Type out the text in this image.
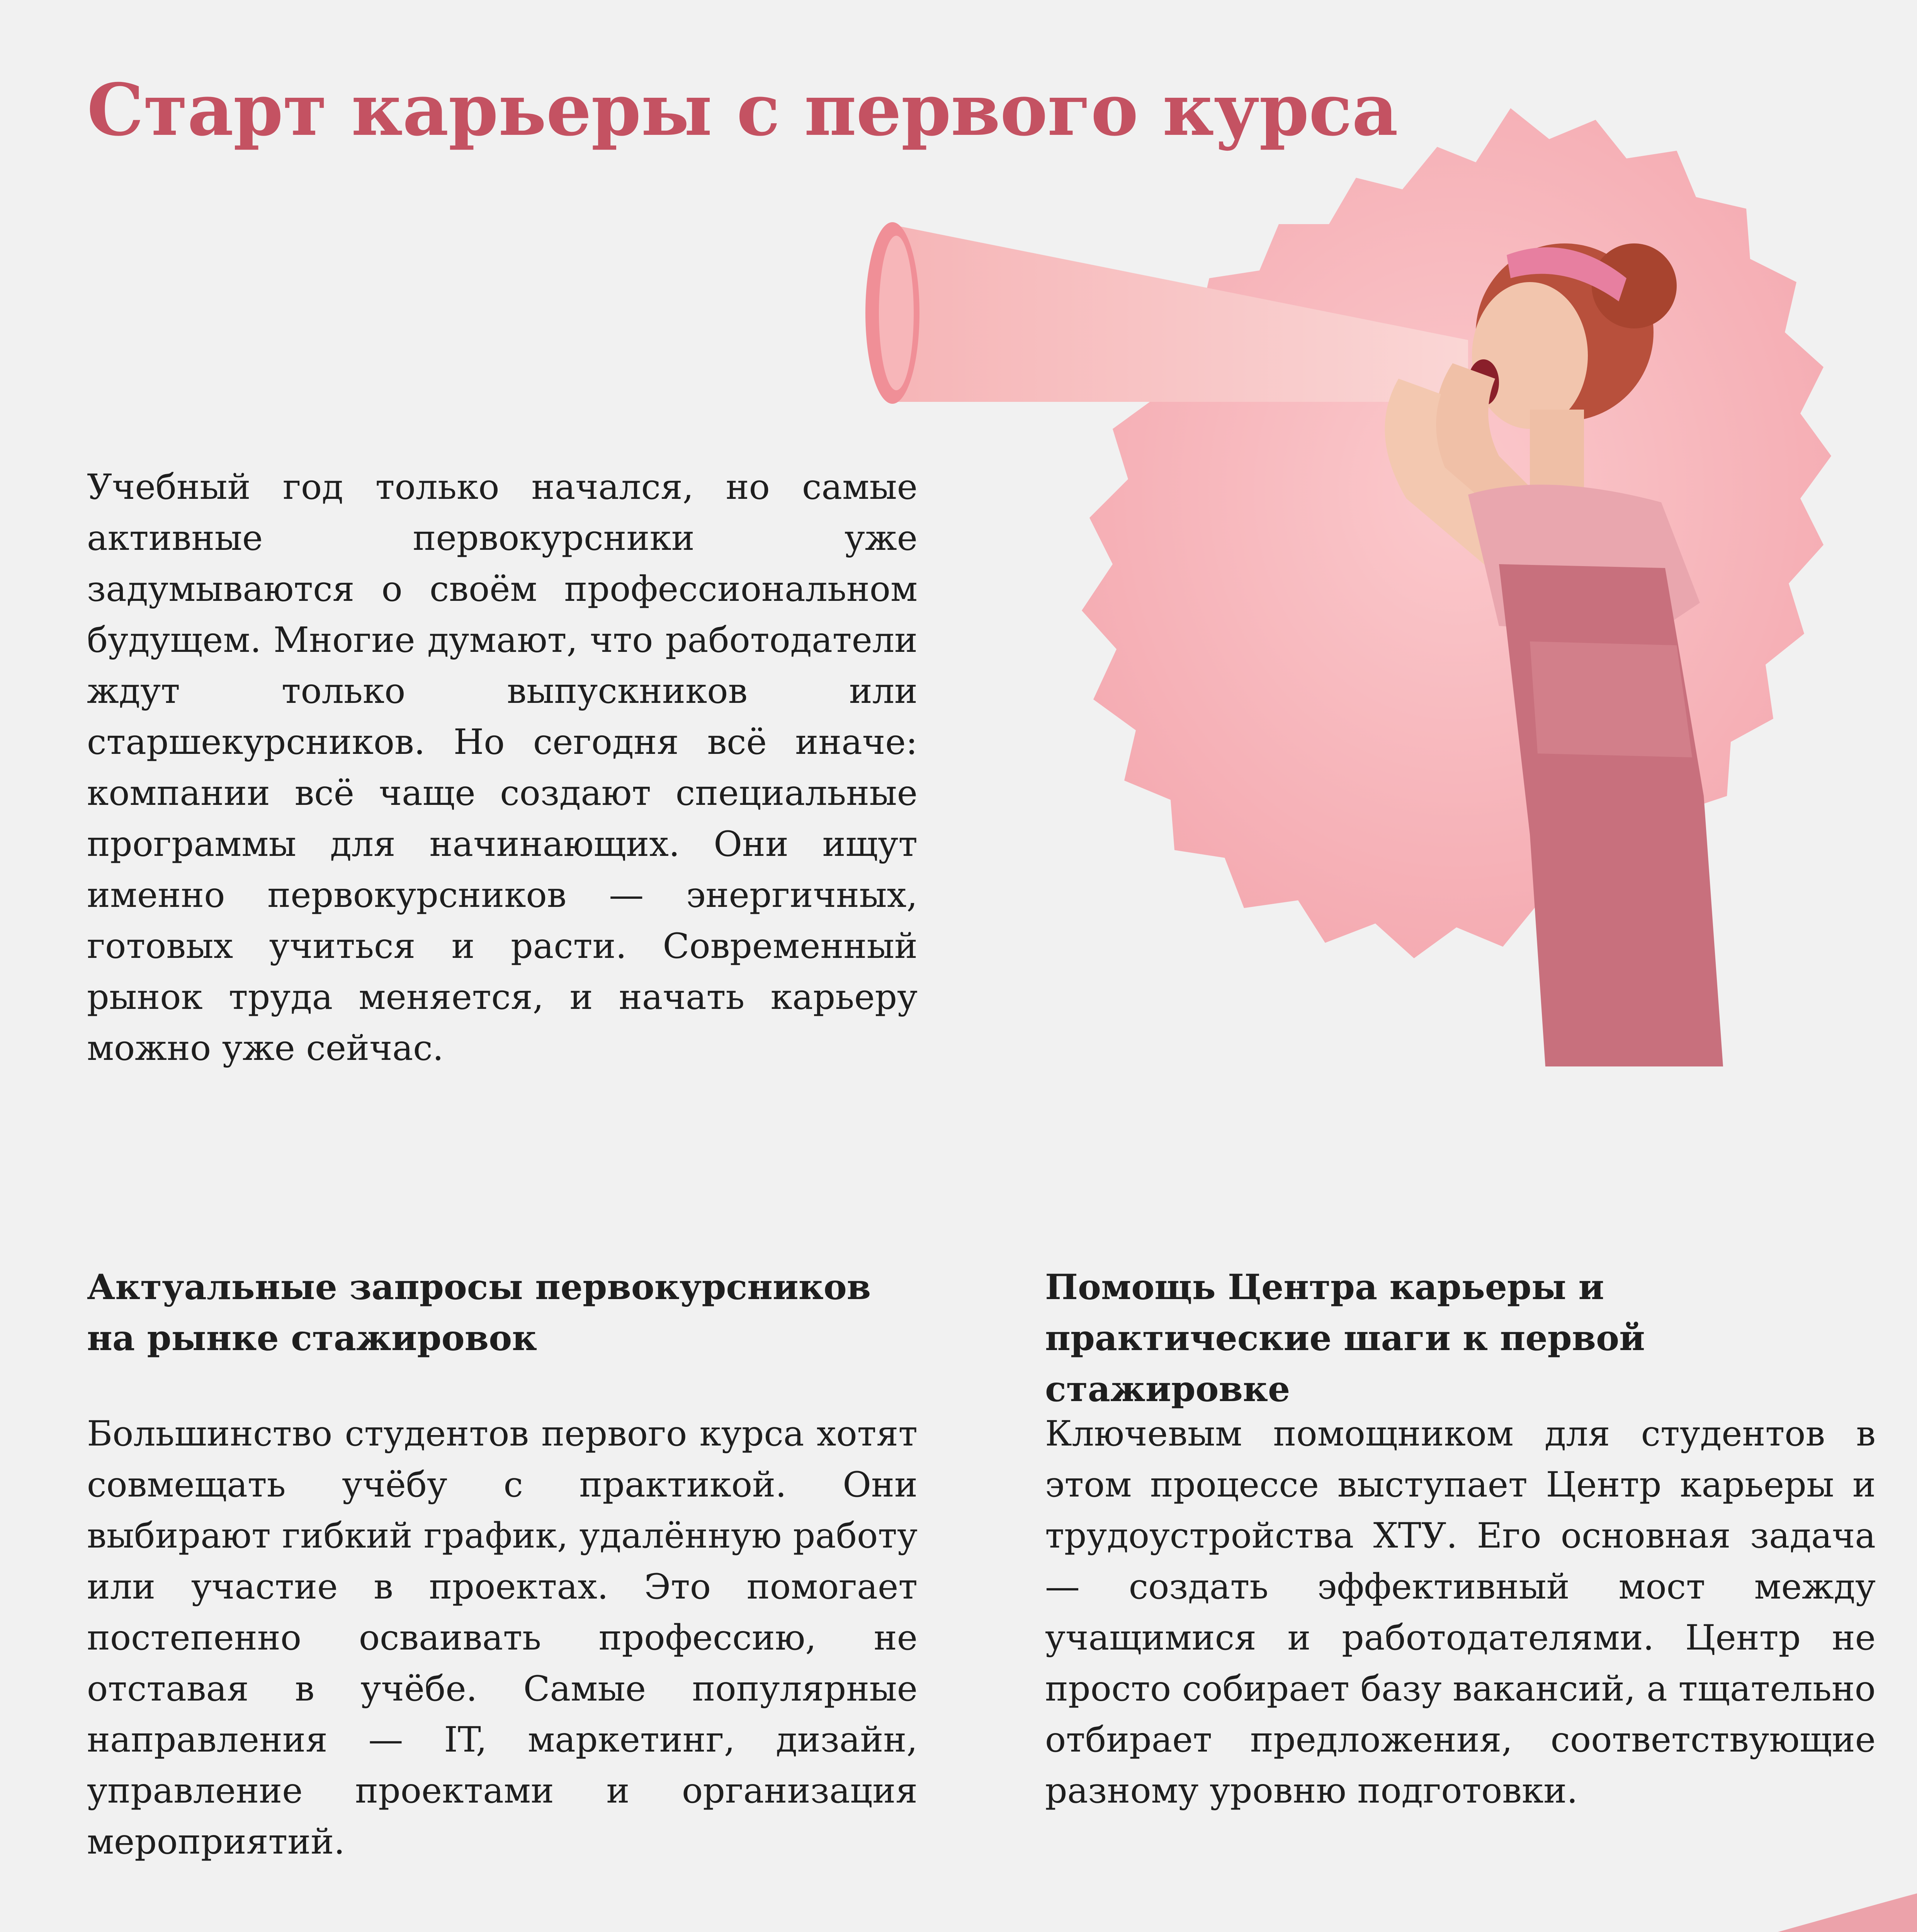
Старт карьеры с первого курса

Учебный год только начался, но самые активные первокурсники уже задумываются о своём профессиональном будущем. Многие думают, что работодатели ждут только выпускников или старшекурсников. Но сегодня всё иначе: компании всё чаще создают специальные программы для начинающих. Они ищут именно первокурсников — энергичных, готовых учиться и расти. Современный рынок труда меняется, и начать карьеру можно уже сейчас.

Актуальные запросы первокурсников на рынке стажировок

Большинство студентов первого курса хотят совмещать учёбу с практикой. Они выбирают гибкий график, удалённую работу или участие в проектах. Это помогает постепенно осваивать профессию, не отставая в учёбе. Самые популярные направления — IT, маркетинг, дизайн, управление проектами и организация мероприятий.

Помощь Центра карьеры и практические шаги к первой стажировке

Ключевым помощником для студентов в этом процессе выступает Центр карьеры и трудоустройства ХТУ. Его основная задача — создать эффективный мост между учащимися и работодателями. Центр не просто собирает базу вакансий, а тщательно отбирает предложения, соответствующие разному уровню подготовки.
